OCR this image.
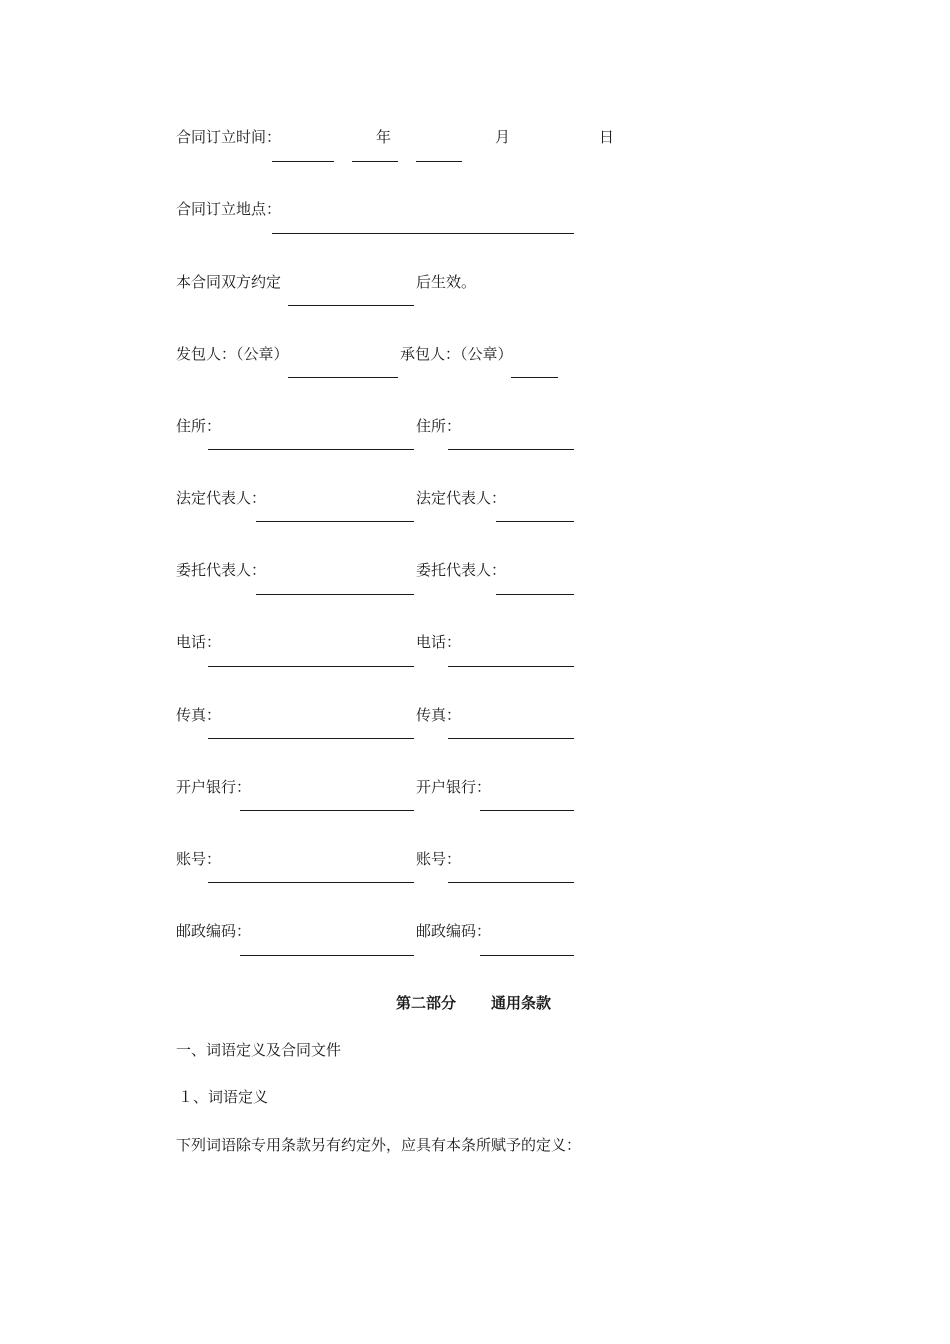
合同订立时间：	年	月	日
合同订立地点：
本合同双方约定	后生效。
发包人：（公章）	承包人：（公章）
住所：	住所：
法定代表人：	法定代表人：
委托代表人：	委托代表人：
电话：	电话：
传真：	传真：
开户银行：	开户银行：
账号：	账号：
邮政编码：	邮政编码：
第二部分 通用条款
一、词语定义及合同文件
１、词语定义
下列词语除专用条款另有约定外，应具有本条所赋予的定义：
